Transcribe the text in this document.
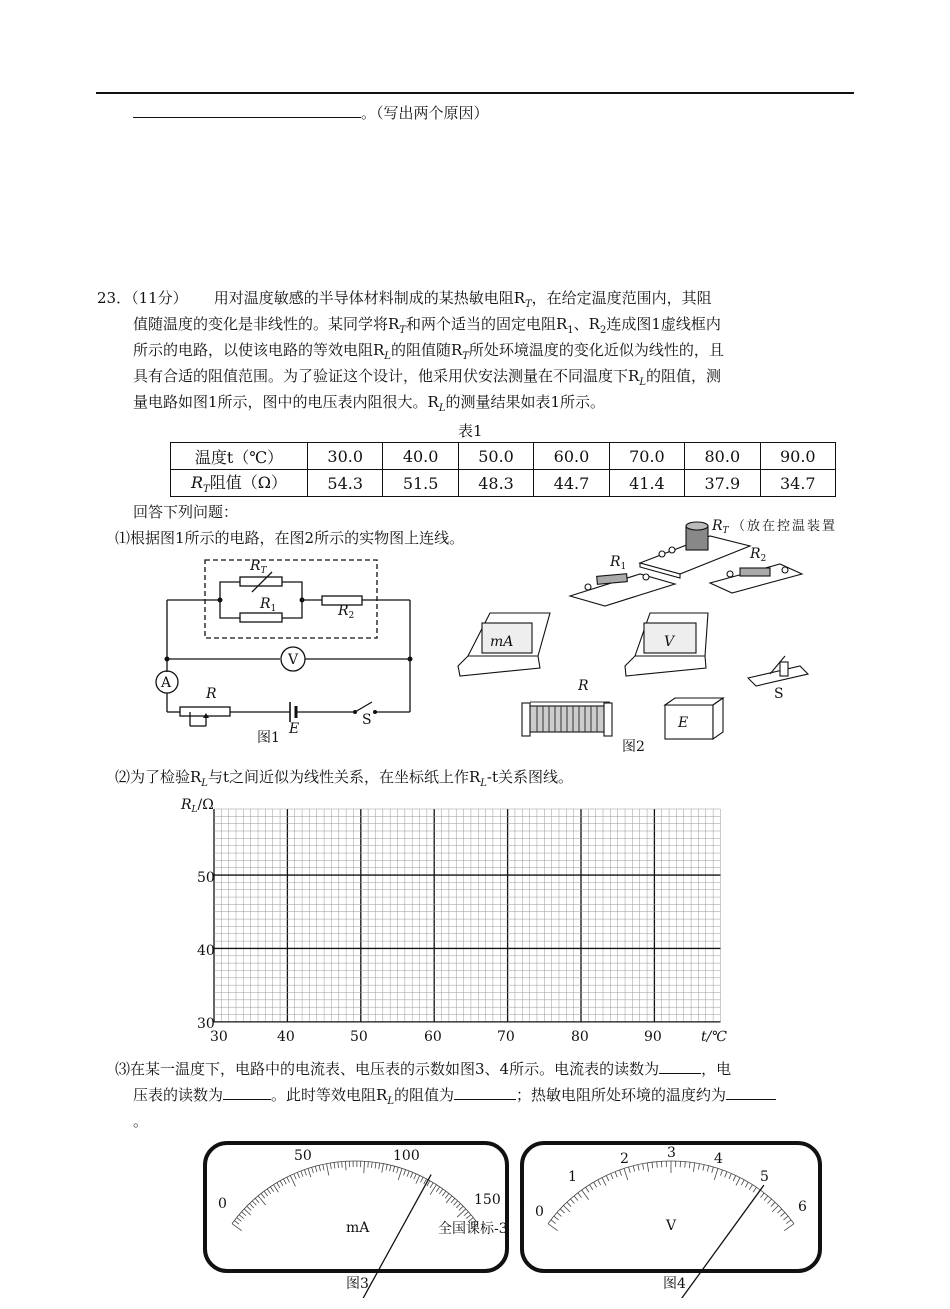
。（写出两个原因）
23．（11分） 用对温度敏感的半导体材料制成的某热敏电阻$R_T$，在给定温度范围内，其阻
值随温度的变化是非线性的。某同学将$R_T$和两个适当的固定电阻$R_1$、$R_2$连成图1虚线框内
所示的电路，以使该电路的等效电阻$R_L$的阻值随$R_T$所处环境温度的变化近似为线性的，且
具有合适的阻值范围。为了验证这个设计，他采用伏安法测量在不同温度下$R_L$的阻值，测
量电路如图1所示，图中的电压表内阻很大。$R_L$的测量结果如表1所示。
表1
温度t（℃）	30.0	40.0	50.0	60.0	70.0	80.0	90.0
$R_T$阻值（Ω）	54.3	51.5	48.3	44.7	41.4	37.9	34.7
回答下列问题：
⑴根据图1所示的电路，在图2所示的实物图上连线。
$R_T$
$R_1$	$R_2$
R
E
V
A
S
图1
$R_T$ （放在控温装置
$R_1$
$R_2$
mA	V
R
E
S
图2
⑵为了检验$R_L$与t之间近似为线性关系，在坐标纸上作$R_L-t$关系图线。
$R_L/\Omega$
30
40
50
30	40	50	60	70	80	90	t/℃
⑶在某一温度下，电路中的电流表、电压表的示数如图3、4所示。电流表的读数为	，电
压表的读数为	。此时等效电阻$R_L$的阻值为	；热敏电阻所处环境的温度约为
。
0
50	100
150
mA
图3
0
1
2	3	4
5
6
V
图4
全国课标-3
